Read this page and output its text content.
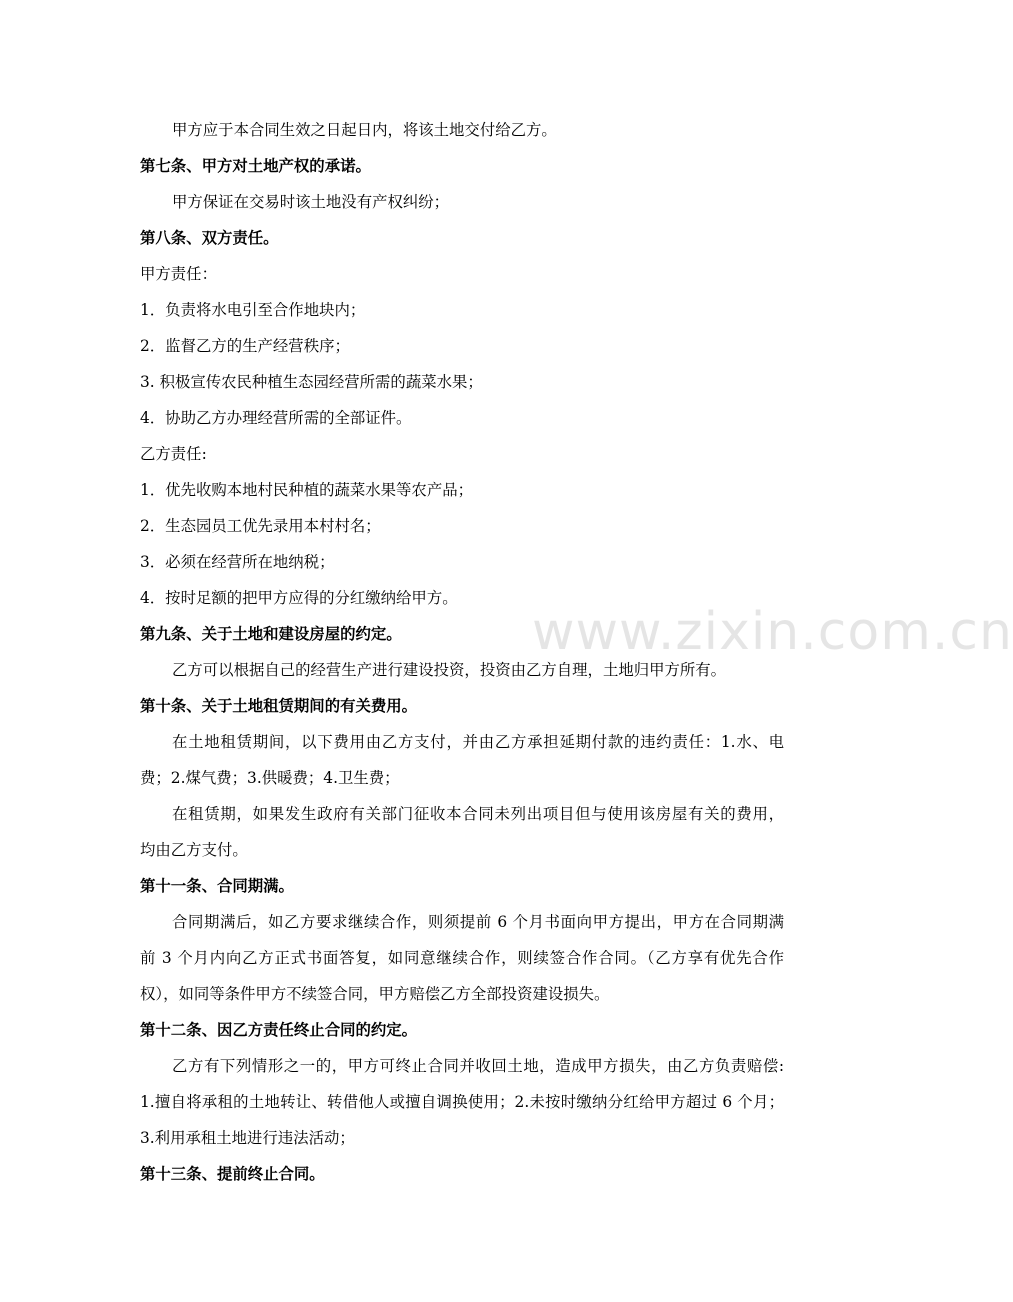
甲方应于本合同生效之日起日内，将该土地交付给乙方。
第七条、甲方对土地产权的承诺。
甲方保证在交易时该土地没有产权纠纷；
第八条、双方责任。
甲方责任：
1．负责将水电引至合作地块内；
2．监督乙方的生产经营秩序；
3. 积极宣传农民种植生态园经营所需的蔬菜水果；
4．协助乙方办理经营所需的全部证件。
乙方责任:
1．优先收购本地村民种植的蔬菜水果等农产品；
2．生态园员工优先录用本村村名；
3．必须在经营所在地纳税；
4．按时足额的把甲方应得的分红缴纳给甲方。
第九条、关于土地和建设房屋的约定。
乙方可以根据自己的经营生产进行建设投资，投资由乙方自理，土地归甲方所有。
第十条、关于土地租赁期间的有关费用。
在土地租赁期间，以下费用由乙方支付，并由乙方承担延期付款的违约责任：1.水、电
费；2.煤气费；3.供暖费；4.卫生费；
在租赁期，如果发生政府有关部门征收本合同未列出项目但与使用该房屋有关的费用，
均由乙方支付。
第十一条、合同期满。
合同期满后，如乙方要求继续合作，则须提前 6 个月书面向甲方提出，甲方在合同期满
前 3 个月内向乙方正式书面答复，如同意继续合作，则续签合作合同。（乙方享有优先合作
权），如同等条件甲方不续签合同，甲方赔偿乙方全部投资建设损失。
第十二条、因乙方责任终止合同的约定。
乙方有下列情形之一的，甲方可终止合同并收回土地，造成甲方损失，由乙方负责赔偿:
1.擅自将承租的土地转让、转借他人或擅自调换使用；2.未按时缴纳分红给甲方超过 6 个月；
3.利用承租土地进行违法活动；
第十三条、提前终止合同。
www.zixin.com.cn
